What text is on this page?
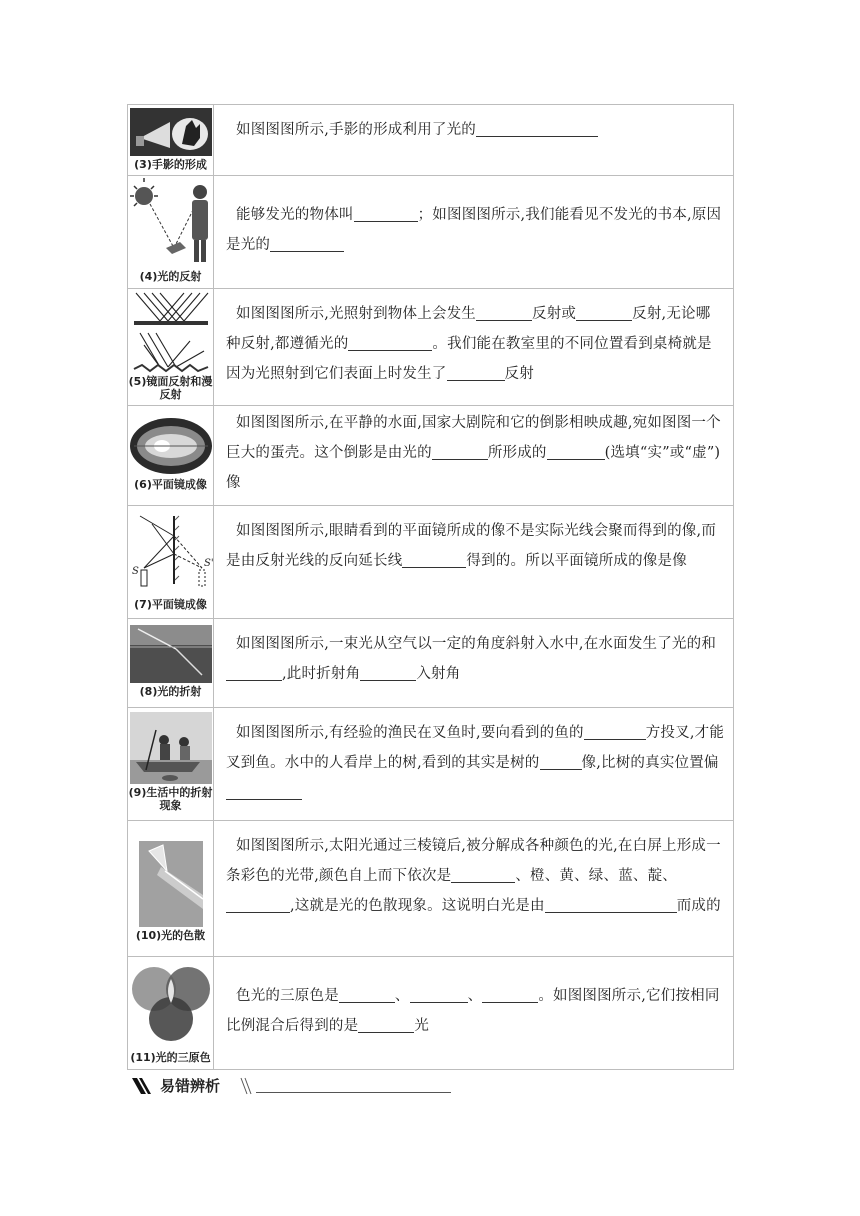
(3)手影的形成	如图图图所示,手影的形成利用了光的

(4)光的反射	能够发光的物体叫 ；如图图图所示,我们能看见不发光的书本,原因是光的

(5)镜面反射和漫反射	如图图图所示,光照射到物体上会发生 反射或 反射,无论哪种反射,都遵循光的 。我们能在教室里的不同位置看到桌椅就是因为光照射到它们表面上时发生了 反射

(6)平面镜成像	如图图图所示,在平静的水面,国家大剧院和它的倒影相映成趣,宛如图图一个巨大的蛋壳。这个倒影是由光的 所形成的 (选填“实”或“虚”)像

S
S'
(7)平面镜成像	如图图图所示,眼睛看到的平面镜所成的像不是实际光线会聚而得到的像,而是由反射光线的反向延长线 得到的。所以平面镜所成的像是像

(8)光的折射	如图图图所示,一束光从空气以一定的角度斜射入水中,在水面发生了光的和,此时折射角 入射角

(9)生活中的折射现象	如图图图所示,有经验的渔民在叉鱼时,要向看到的鱼的 方投叉,才能叉到鱼。水中的人看岸上的树,看到的其实是树的 像,比树的真实位置偏

(10)光的色散	如图图图所示,太阳光通过三棱镜后,被分解成各种颜色的光,在白屏上形成一条彩色的光带,颜色自上而下依次是 、橙、黄、绿、蓝、靛、,这就是光的色散现象。这说明白光是由 而成的

(11)光的三原色	色光的三原色是 、 、 。如图图图所示,它们按相同比例混合后得到的是 光

易错辨析
